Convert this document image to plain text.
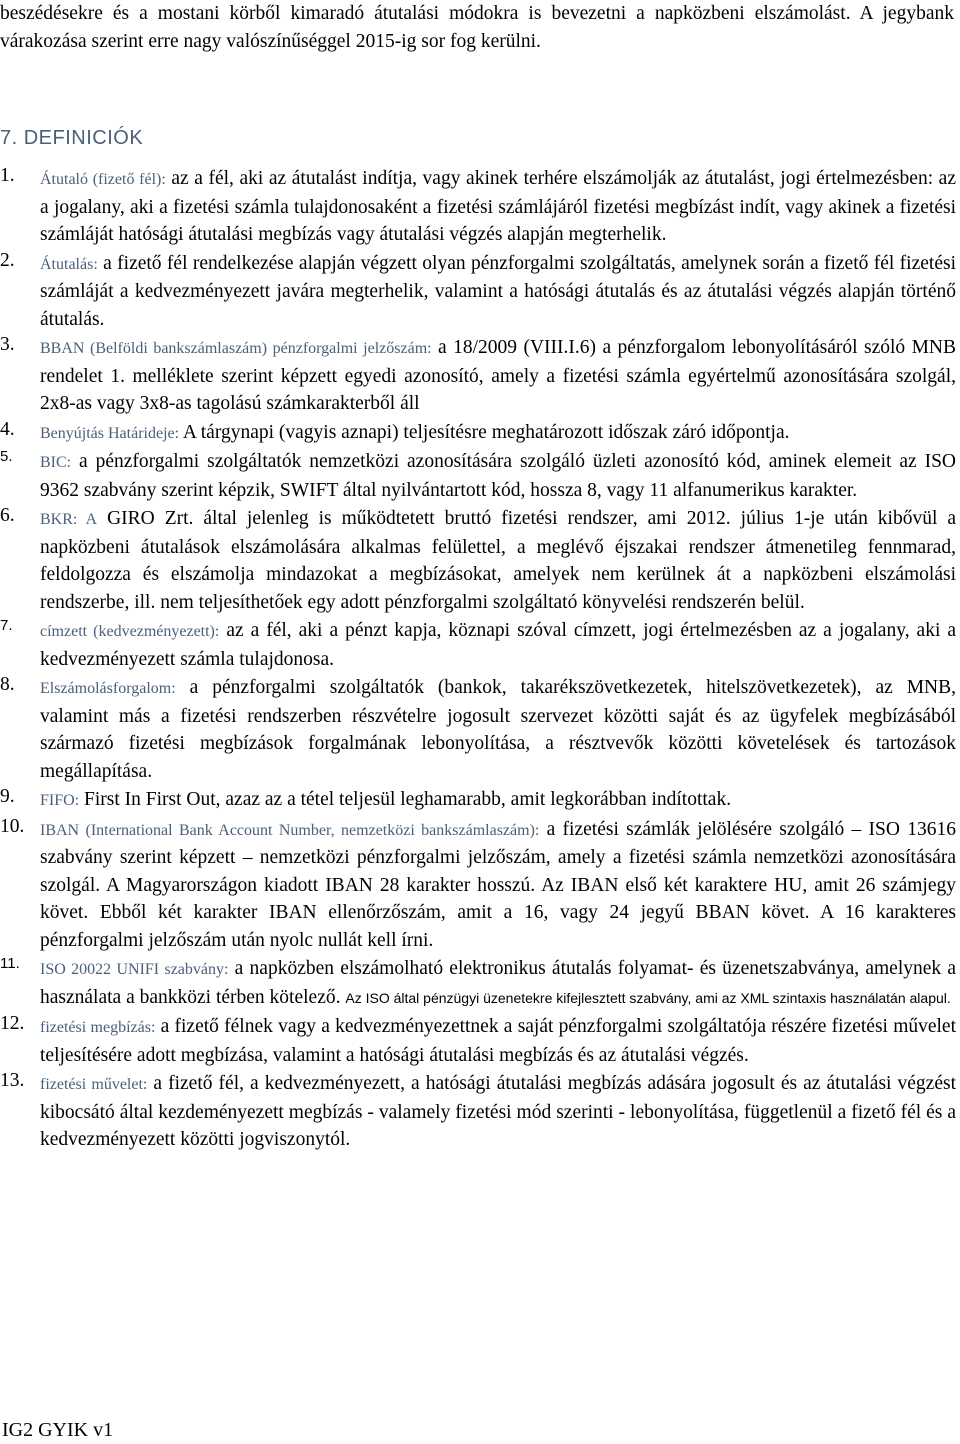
beszédésekre és a mostani körből kimaradó átutalási módokra is bevezetni a napközbeni elszámolást. A jegybank várakozása szerint erre nagy valószínűséggel 2015-ig sor fog kerülni.

7. DEFINICIÓK
1. Átutaló (fizető fél): az a fél, aki az átutalást indítja, vagy akinek terhére elszámolják az átutalást, jogi értelmezésben: az a jogalany, aki a fizetési számla tulajdonosaként a fizetési számlájáról fizetési megbízást indít, vagy akinek a fizetési számláját hatósági átutalási megbízás vagy átutalási végzés alapján megterhelik.
2. Átutalás: a fizető fél rendelkezése alapján végzett olyan pénzforgalmi szolgáltatás, amelynek során a fizető fél fizetési számláját a kedvezményezett javára megterhelik, valamint a hatósági átutalás és az átutalási végzés alapján történő átutalás.
3. BBAN (Belföldi bankszámlaszám) pénzforgalmi jelzőszám: a 18/2009 (VIII.I.6) a pénzforgalom lebonyolításáról szóló MNB rendelet 1. melléklete szerint képzett egyedi azonosító, amely a fizetési számla egyértelmű azonosítására szolgál, 2x8-as vagy 3x8-as tagolású számkarakterből áll
4. Benyújtás Határideje: A tárgynapi (vagyis aznapi) teljesítésre meghatározott időszak záró időpontja.
5. BIC: a pénzforgalmi szolgáltatók nemzetközi azonosítására szolgáló üzleti azonosító kód, aminek elemeit az ISO 9362 szabvány szerint képzik, SWIFT által nyilvántartott kód, hossza 8, vagy 11 alfanumerikus karakter.
6. BKR: A GIRO Zrt. által jelenleg is működtetett bruttó fizetési rendszer, ami 2012. július 1-je után kibővül a napközbeni átutalások elszámolására alkalmas felülettel, a meglévő éjszakai rendszer átmenetileg fennmarad, feldolgozza és elszámolja mindazokat a megbízásokat, amelyek nem kerülnek át a napközbeni elszámolási rendszerbe, ill. nem teljesíthetőek egy adott pénzforgalmi szolgáltató könyvelési rendszerén belül.
7. címzett (kedvezményezett): az a fél, aki a pénzt kapja, köznapi szóval címzett, jogi értelmezésben az a jogalany, aki a kedvezményezett számla tulajdonosa.
8. Elszámolásforgalom: a pénzforgalmi szolgáltatók (bankok, takarékszövetkezetek, hitelszövetkezetek), az MNB, valamint más a fizetési rendszerben részvételre jogosult szervezet közötti saját és az ügyfelek megbízásából származó fizetési megbízások forgalmának lebonyolítása, a résztvevők közötti követelések és tartozások megállapítása.
9. FIFO: First In First Out, azaz az a tétel teljesül leghamarabb, amit legkorábban indítottak.
10. IBAN (International Bank Account Number, nemzetközi bankszámlaszám): a fizetési számlák jelölésére szolgáló – ISO 13616 szabvány szerint képzett – nemzetközi pénzforgalmi jelzőszám, amely a fizetési számla nemzetközi azonosítására szolgál. A Magyarországon kiadott IBAN 28 karakter hosszú. Az IBAN első két karaktere HU, amit 26 számjegy követ. Ebből két karakter IBAN ellenőrzőszám, amit a 16, vagy 24 jegyű BBAN követ. A 16 karakteres pénzforgalmi jelzőszám után nyolc nullát kell írni.
11. ISO 20022 UNIFI szabvány: a napközben elszámolható elektronikus átutalás folyamat- és üzenetszabványa, amelynek a használata a bankközi térben kötelező. Az ISO által pénzügyi üzenetekre kifejlesztett szabvány, ami az XML szintaxis használatán alapul.
12. fizetési megbízás: a fizető félnek vagy a kedvezményezettnek a saját pénzforgalmi szolgáltatója részére fizetési művelet teljesítésére adott megbízása, valamint a hatósági átutalási megbízás és az átutalási végzés.
13. fizetési művelet: a fizető fél, a kedvezményezett, a hatósági átutalási megbízás adására jogosult és az átutalási végzést kibocsátó által kezdeményezett megbízás - valamely fizetési mód szerinti - lebonyolítása, függetlenül a fizető fél és a kedvezményezett közötti jogviszonytól.
IG2 GYIK v1
